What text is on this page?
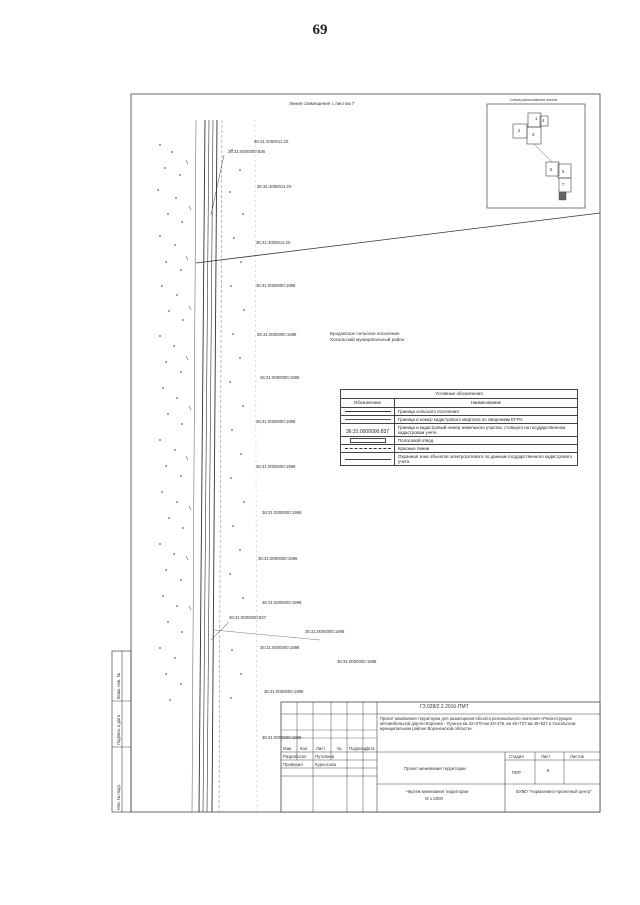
69
Линия совмещения с листом 7
Схема расположения листов
1 4
2
3
5 6
7
36:31:4000011:20
36:31:0000000:836
36:31:4000011:20
36:31:4000011:20
36:31:0000000:1998
36:31:0000000:1998
36:31:0000000:1998
36:31:0000000:1998
36:31:0000000:1998
36:31:0000000:1998
36:31:0000000:1998
36:31:0000000:1998
36:31:0000000:837
36:31:0000000:1998
36:31:0000000:1998
36:31:0000000:1998
36:31:0000000:1998
36:31:0000000:1998
Бродовское сельское поселение
Хохольский муниципальный район
Условные обозначения
Обозначение	Наименование
Граница сельского поселения
Граница и номер кадастрового квартала по сведениям ЕГРН
36:31:0000000:837
Граница и кадастровый номер земельного участка, стоящего на государственном кадастровом учете
Полосовой отвод
Красные линии
Охранная зона объектов электросетевого по данным государственного кадастрового учета
ГЗ.028/2.2.2016-ПМТ
Проект межевания территории для размещения объекта регионального значения «Реконструкция автомобильной дороги Воронеж - Луганск км 32+070-км 34+478, км 46+727-км 49+827 в Хохольском муниципальном районе Воронежской области»
Изм. Кол. Лист	№ Подпись
Дата
Разработал Путилина
Проверил	Курносова
Проект межевания территории
Стадия	Лист	Листов
ПМТ	8
Чертеж межевания территории
М 1:2000
БУВО "Нормативно-проектный центр"
Взам. инв. №
Подпись и дата
Инв. № подл.
